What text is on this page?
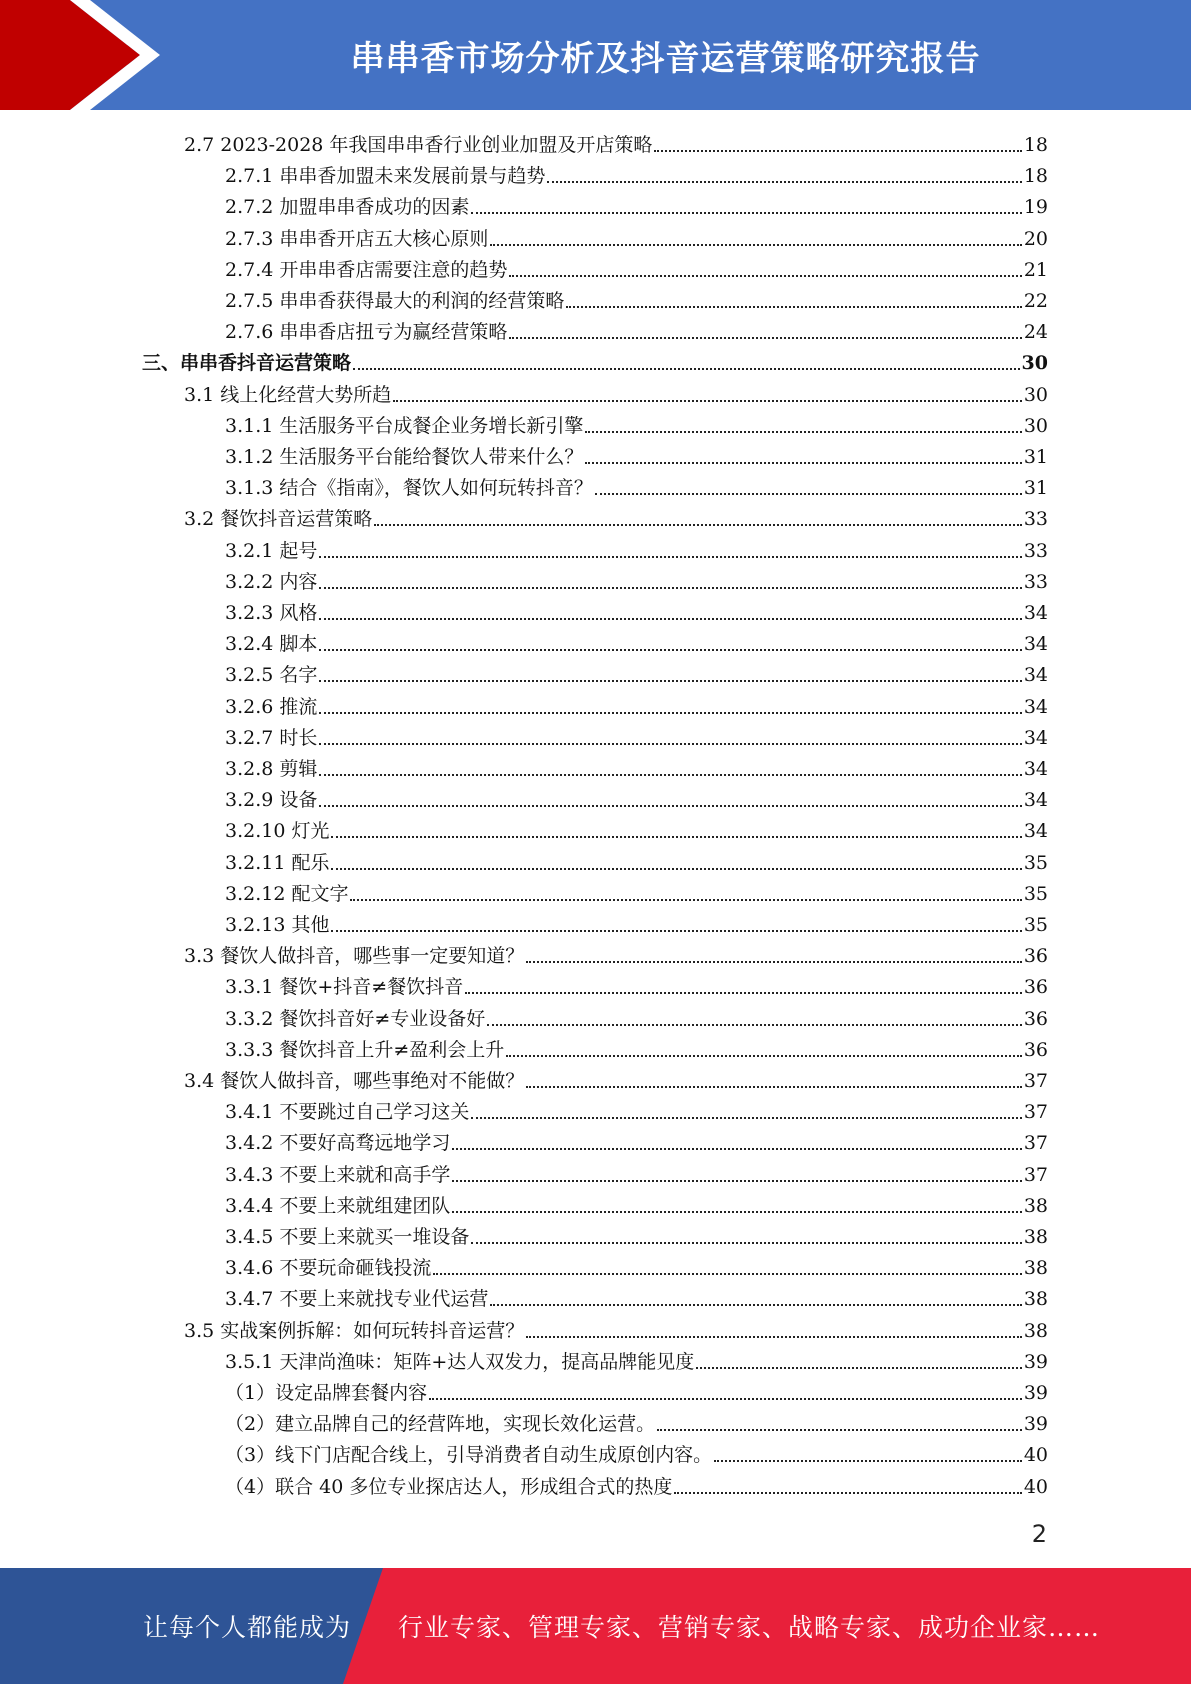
串串香市场分析及抖音运营策略研究报告
2.7 2023-2028 年我国串串香行业创业加盟及开店策略	18
2.7.1 串串香加盟未来发展前景与趋势	18
2.7.2 加盟串串香成功的因素	19
2.7.3 串串香开店五大核心原则	20
2.7.4 开串串香店需要注意的趋势	21
2.7.5 串串香获得最大的利润的经营策略	22
2.7.6 串串香店扭亏为赢经营策略	24
三、串串香抖音运营策略	30
3.1 线上化经营大势所趋	30
3.1.1 生活服务平台成餐企业务增长新引擎	30
3.1.2 生活服务平台能给餐饮人带来什么？	31
3.1.3 结合《指南》，餐饮人如何玩转抖音？	31
3.2 餐饮抖音运营策略	33
3.2.1 起号	33
3.2.2 内容	33
3.2.3 风格	34
3.2.4 脚本	34
3.2.5 名字	34
3.2.6 推流	34
3.2.7 时长	34
3.2.8 剪辑	34
3.2.9 设备	34
3.2.10 灯光	34
3.2.11 配乐	35
3.2.12 配文字	35
3.2.13 其他	35
3.3 餐饮人做抖音，哪些事一定要知道？	36
3.3.1 餐饮+抖音≠餐饮抖音	36
3.3.2 餐饮抖音好≠专业设备好	36
3.3.3 餐饮抖音上升≠盈利会上升	36
3.4 餐饮人做抖音，哪些事绝对不能做？	37
3.4.1 不要跳过自己学习这关	37
3.4.2 不要好高骛远地学习	37
3.4.3 不要上来就和高手学	37
3.4.4 不要上来就组建团队	38
3.4.5 不要上来就买一堆设备	38
3.4.6 不要玩命砸钱投流	38
3.4.7 不要上来就找专业代运营	38
3.5 实战案例拆解：如何玩转抖音运营？	38
3.5.1 天津尚渔味：矩阵+达人双发力，提高品牌能见度	39
（1）设定品牌套餐内容	39
（2）建立品牌自己的经营阵地，实现长效化运营。	39
（3）线下门店配合线上，引导消费者自动生成原创内容。	40
（4）联合 40 多位专业探店达人，形成组合式的热度	40
2
让每个人都能成为 行业专家、管理专家、营销专家、战略专家、成功企业家……
